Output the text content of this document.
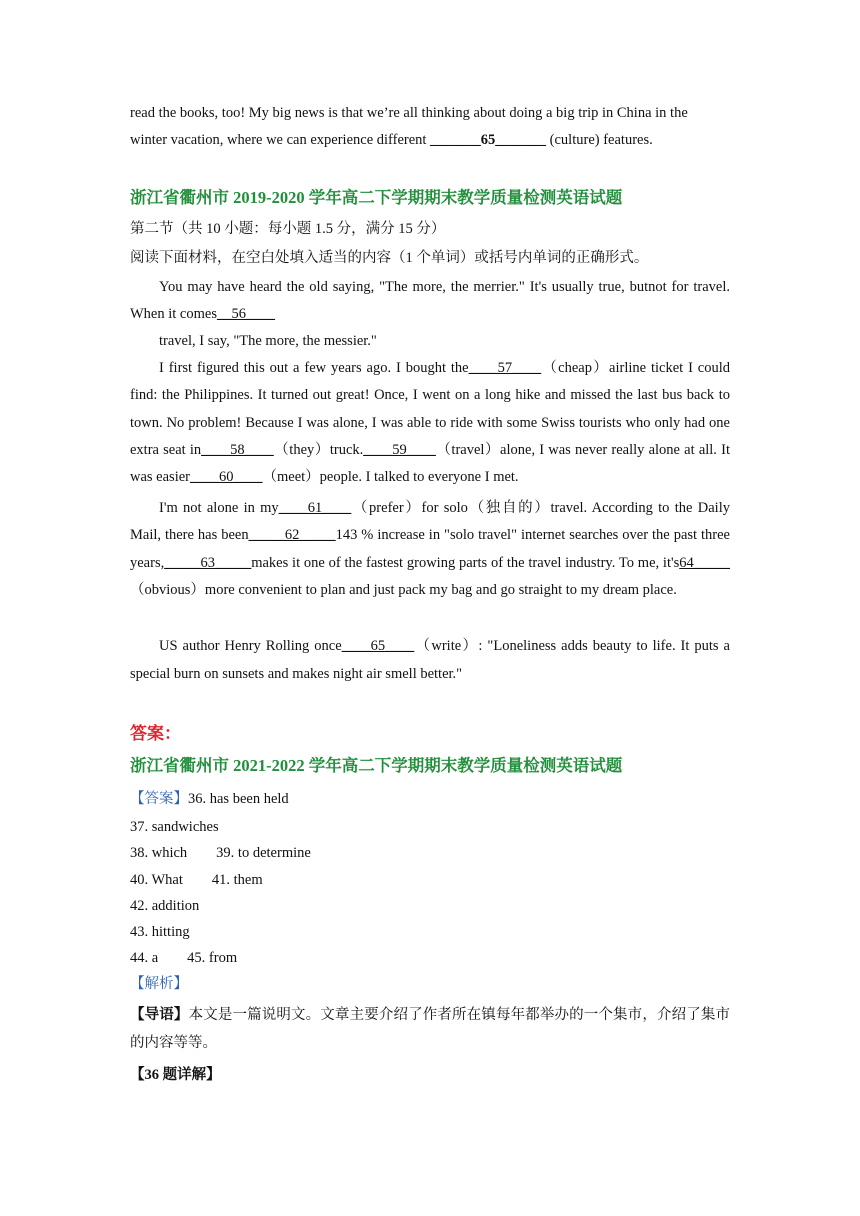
read the books, too! My big news is that we’re all thinking about doing a big trip in China in the
winter vacation, where we can experience different _______65_______ (culture) features.

浙江省衢州市 2019-2020 学年高二下学期期末教学质量检测英语试题
第二节（共 10 小题：每小题 1.5 分，满分 15 分）
阅读下面材料，在空白处填入适当的内容（1 个单词）或括号内单词的正确形式。

You may have heard the old saying, "The more, the merrier." It's usually true, butnot for travel. When it comes__56____

travel, I say, "The more, the messier."

I first figured this out a few years ago. I bought the____57____（cheap）airline ticket I could find: the Philippines. It turned out great! Once, I went on a long hike and missed the last bus back to town. No problem! Because I was alone, I was able to ride with some Swiss tourists who only had one extra seat in____58____（they）truck.____59____（travel）alone, I was never really alone at all. It was easier____60____（meet）people. I talked to everyone I met.

I'm not alone in my____61____（prefer）for solo（独自的）travel. According to the Daily Mail, there has been_____62_____143 % increase in "solo travel" internet searches over the past three years,_____63_____makes it one of the fastest growing parts of the travel industry. To me, it's64_____（obvious）more convenient to plan and just pack my bag and go straight to my dream place.

US author Henry Rolling once____65____（write）: "Loneliness adds beauty to life. It puts a special burn on sunsets and makes night air smell better."

答案：
浙江省衢州市 2021-2022 学年高二下学期期末教学质量检测英语试题
【答案】36. has been held
37. sandwiches
38. which        39. to determine
40. What        41. them
42. addition
43. hitting
44. a        45. from
【解析】

【导语】本文是一篇说明文。文章主要介绍了作者所在镇每年都举办的一个集市，介绍了集市的内容等等。

【36 题详解】
